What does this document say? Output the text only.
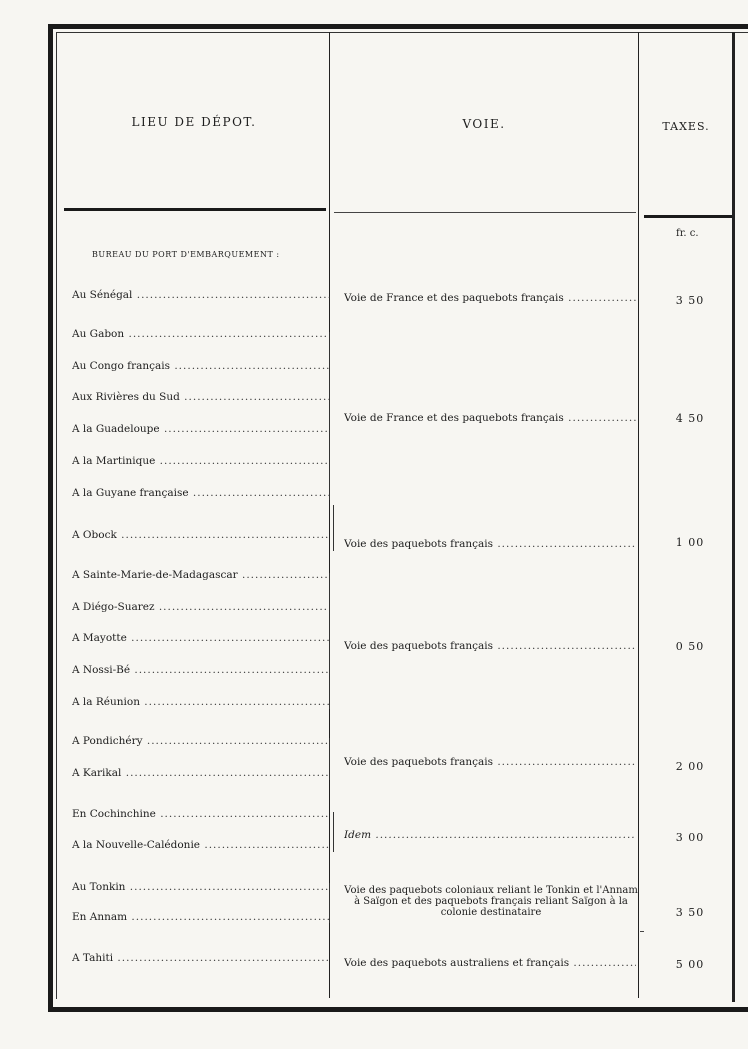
LIEU DE DÉPOT.	VOIE.	TAXES.
fr. c.
BUREAU DU PORT D'EMBARQUEMENT :
Au Sénégal .....
Au Gabon .....
Au Congo français .....
Aux Rivières du Sud .....
A la Guadeloupe .....
A la Martinique .....
A la Guyane française .....
A Obock .....
A Sainte-Marie-de-Madagascar .....
A Diégo-Suarez .....
A Mayotte .....
A Nossi-Bé .....
A la Réunion .....
A Pondichéry .....
A Karikal .....
En Cochinchine .....
A la Nouvelle-Calédonie .....
Au Tonkin .....
En Annam .....
A Tahiti .....
Voie de France et des paquebots français .....
Voie de France et des paquebots français .....
Voie des paquebots français .....
Voie des paquebots français .....
Voie des paquebots français .....
Idem .....
Voie des paquebots coloniaux reliant le Tonkin et l'Annam à Saïgon et des paquebots français reliant Saïgon à la colonie destinataire
Voie des paquebots australiens et français .....
3 50
4 50
1 00
0 50
2 00
3 00
3 50
5 00
